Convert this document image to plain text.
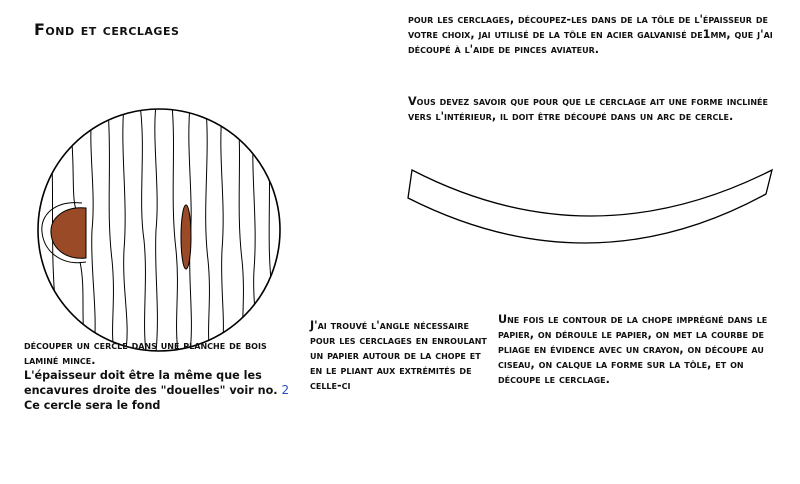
Fond et cerclages

pour les cerclages, découpez-les dans de la tôle de l'épaisseur de votre choix, jai utilisé de la tôle en acier galvanisé de1mm, que j'ai découpé à l'aide de pinces aviateur.

Vous devez savoir que pour que le cerclage ait une forme inclinée vers l'intérieur, il doit être découpé dans un arc de cercle.

découper un cercle dans une planche de bois laminé mince.

L'épaisseur doit être la même que les encavures droite des "douelles" voir no. 2

Ce cercle sera le fond

J'ai trouvé l'angle nécessaire pour les cerclages en enroulant un papier autour de la chope et en le pliant aux extrémités de celle-ci

Une fois le contour de la chope imprégné dans le papier, on déroule le papier, on met la courbe de pliage en évidence avec un crayon, on découpe au ciseau, on calque la forme sur la tôle, et on découpe le cerclage.
